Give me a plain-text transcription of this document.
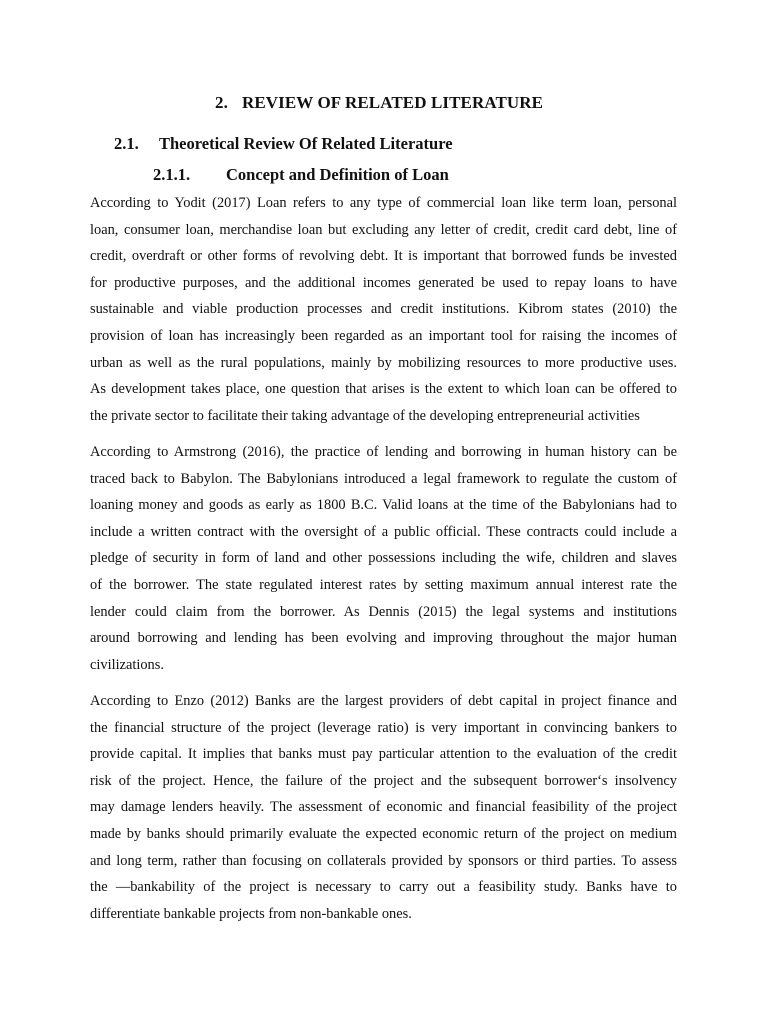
2. REVIEW OF RELATED LITERATURE
2.1. Theoretical Review Of Related Literature
2.1.1. Concept and Definition of Loan

According to Yodit (2017) Loan refers to any type of commercial loan like term loan, personal
loan, consumer loan, merchandise loan but excluding any letter of credit, credit card debt, line of
credit, overdraft or other forms of revolving debt. It is important that borrowed funds be invested
for productive purposes, and the additional incomes generated be used to repay loans to have
sustainable and viable production processes and credit institutions. Kibrom states (2010) the
provision of loan has increasingly been regarded as an important tool for raising the incomes of
urban as well as the rural populations, mainly by mobilizing resources to more productive uses.
As development takes place, one question that arises is the extent to which loan can be offered to
the private sector to facilitate their taking advantage of the developing entrepreneurial activities

According to Armstrong (2016), the practice of lending and borrowing in human history can be
traced back to Babylon. The Babylonians introduced a legal framework to regulate the custom of
loaning money and goods as early as 1800 B.C. Valid loans at the time of the Babylonians had to
include a written contract with the oversight of a public official. These contracts could include a
pledge of security in form of land and other possessions including the wife, children and slaves
of the borrower. The state regulated interest rates by setting maximum annual interest rate the
lender could claim from the borrower. As Dennis (2015) the legal systems and institutions
around borrowing and lending has been evolving and improving throughout the major human
civilizations.

According to Enzo (2012) Banks are the largest providers of debt capital in project finance and
the financial structure of the project (leverage ratio) is very important in convincing bankers to
provide capital. It implies that banks must pay particular attention to the evaluation of the credit
risk of the project. Hence, the failure of the project and the subsequent borrower‘s insolvency
may damage lenders heavily. The assessment of economic and financial feasibility of the project
made by banks should primarily evaluate the expected economic return of the project on medium
and long term, rather than focusing on collaterals provided by sponsors or third parties. To assess
the ―bankability of the project is necessary to carry out a feasibility study. Banks have to
differentiate bankable projects from non-bankable ones.
